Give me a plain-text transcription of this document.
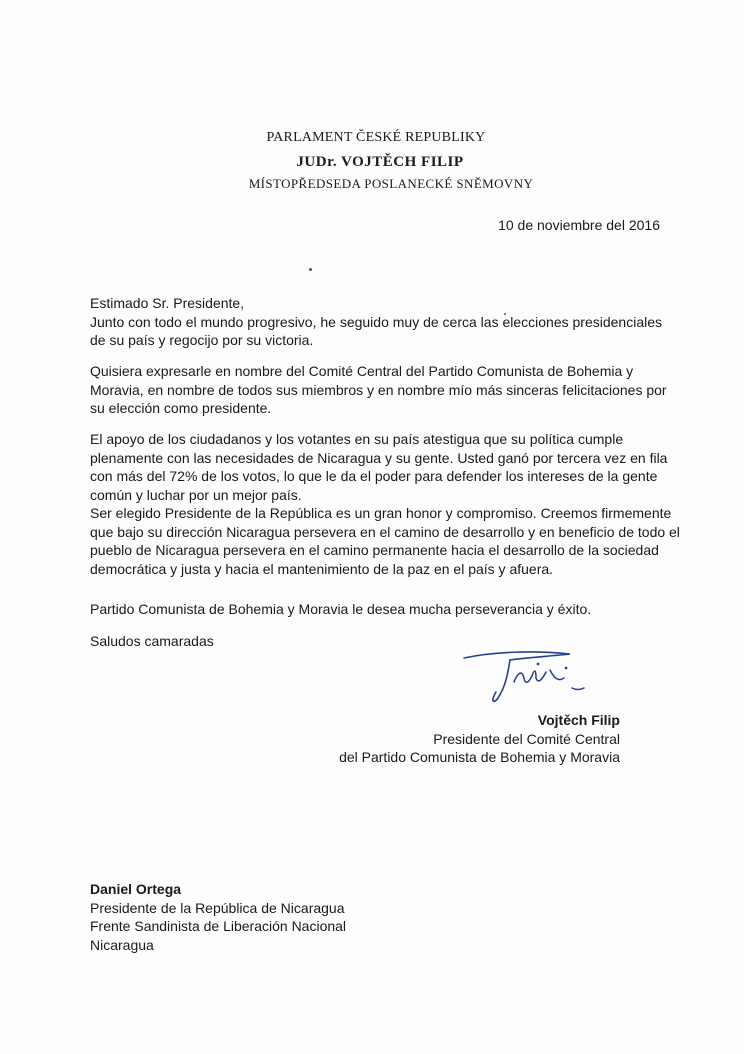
PARLAMENT ČESKÉ REPUBLIKY
JUDr. VOJTĚCH FILIP
MÍSTOPŘEDSEDA POSLANECKÉ SNĚMOVNY
10 de noviembre del 2016
Estimado Sr. Presidente,
Junto con todo el mundo progresivo, he seguido muy de cerca las elecciones presidenciales de su país y regocijo por su victoria.

Quisiera expresarle en nombre del Comité Central del Partido Comunista de Bohemia y Moravia, en nombre de todos sus miembros y en nombre mío más sinceras felicitaciones por su elección como presidente.

El apoyo de los ciudadanos y los votantes en su país atestigua que su política cumple plenamente con las necesidades de Nicaragua y su gente. Usted ganó por tercera vez en fila con más del 72% de los votos, lo que le da el poder para defender los intereses de la gente común y luchar por un mejor país.

Ser elegido Presidente de la República es un gran honor y compromiso. Creemos firmemente que bajo su dirección Nicaragua persevera en el camino de desarrollo y en beneficio de todo el pueblo de Nicaragua persevera en el camino permanente hacia el desarrollo de la sociedad democrática y justa y hacia el mantenimiento de la paz en el país y afuera.

Partido Comunista de Bohemia y Moravia le desea mucha perseverancia y éxito.

Saludos camaradas

Vojtěch Filip
Presidente del Comité Central
del Partido Comunista de Bohemia y Moravia
Daniel Ortega
Presidente de la República de Nicaragua
Frente Sandinista de Liberación Nacional
Nicaragua
